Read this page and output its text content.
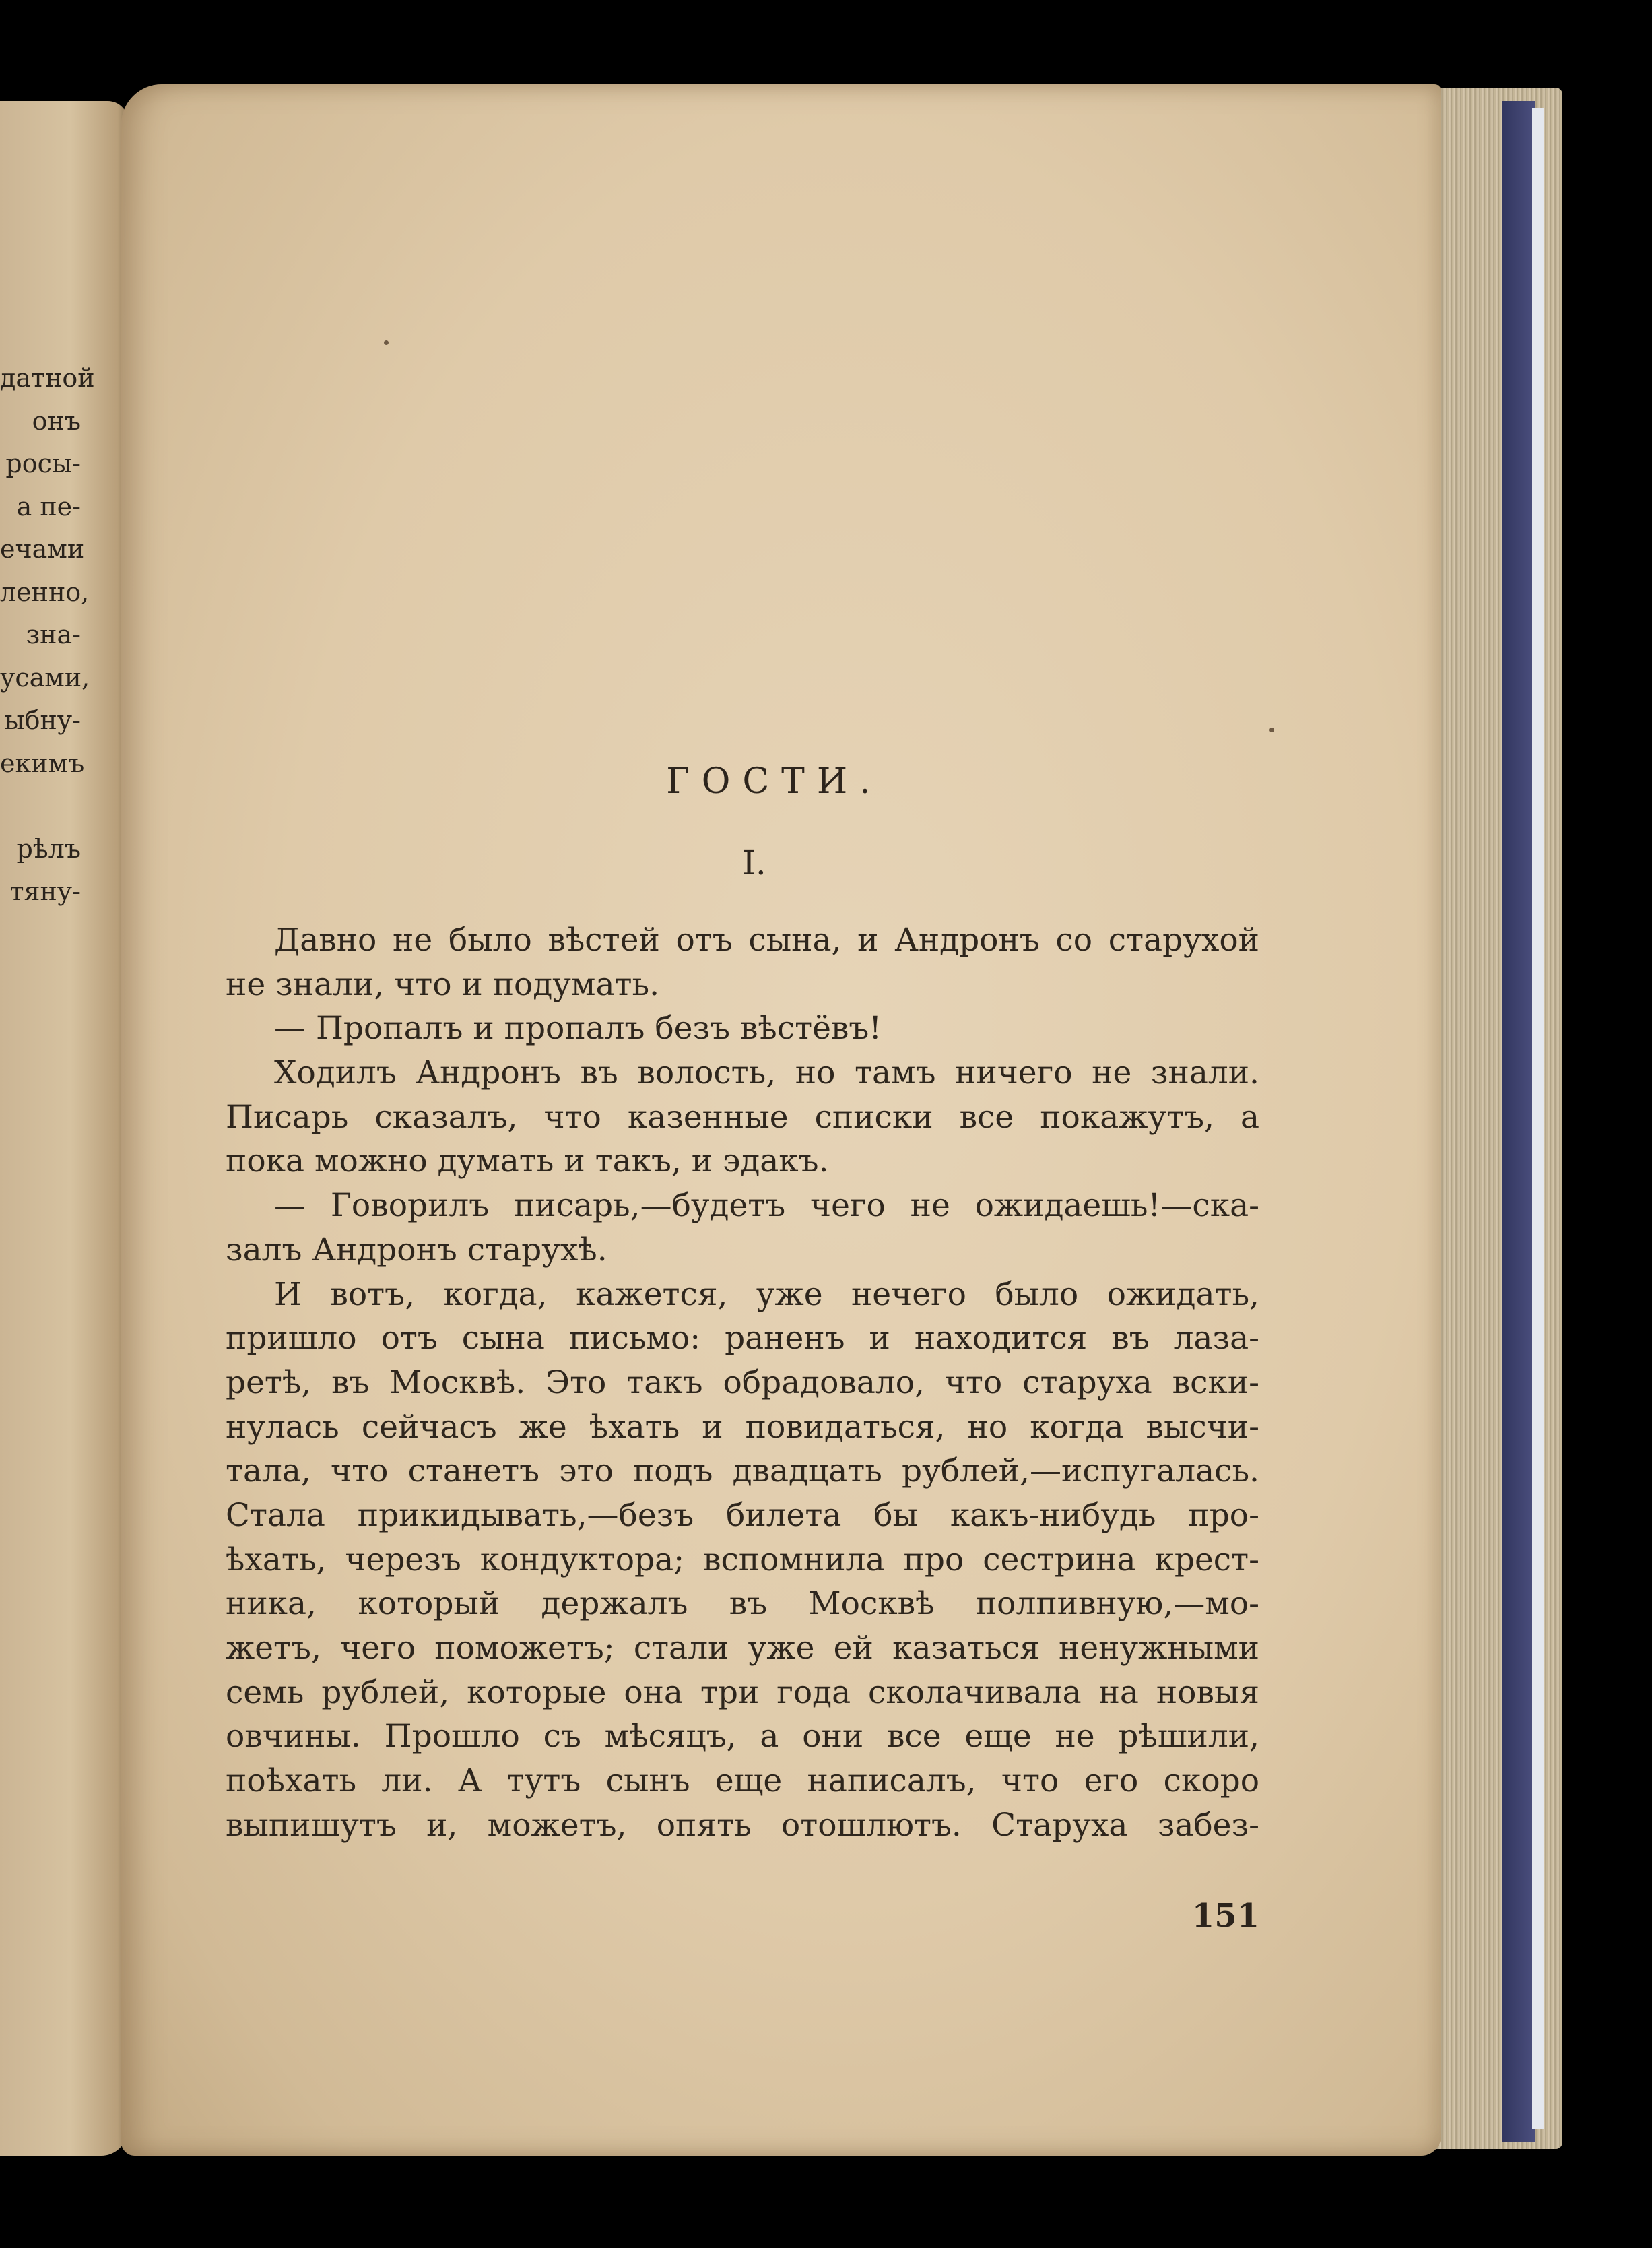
датной
онъ
росы-
а пе-
ечами
ленно,
зна-
усами,
ыбну-
екимъ
рѣлъ
тяну-
ГОСТИ.
I.
Давно не было вѣстей отъ сына, и Андронъ со старухой
не знали, что и подумать.
— Пропалъ и пропалъ безъ вѣстёвъ!
Ходилъ Андронъ въ волость, но тамъ ничего не знали.
Писарь сказалъ, что казенные списки все покажутъ, а
пока можно думать и такъ, и эдакъ.
— Говорилъ писарь,—будетъ чего не ожидаешь!—ска-
залъ Андронъ старухѣ.
И вотъ, когда, кажется, уже нечего было ожидать,
пришло отъ сына письмо: раненъ и находится въ лаза-
ретѣ, въ Москвѣ. Это такъ обрадовало, что старуха вски-
нулась сейчасъ же ѣхать и повидаться, но когда высчи-
тала, что станетъ это подъ двадцать рублей,—испугалась.
Стала прикидывать,—безъ билета бы какъ-нибудь про-
ѣхать, черезъ кондуктора; вспомнила про сестрина крест-
ника, который держалъ въ Москвѣ полпивную,—мо-
жетъ, чего поможетъ; стали уже ей казаться ненужными
семь рублей, которые она три года сколачивала на новыя
овчины. Прошло съ мѣсяцъ, а они все еще не рѣшили,
поѣхать ли. А тутъ сынъ еще написалъ, что его скоро
выпишутъ и, можетъ, опять отошлютъ. Старуха забез-
151
